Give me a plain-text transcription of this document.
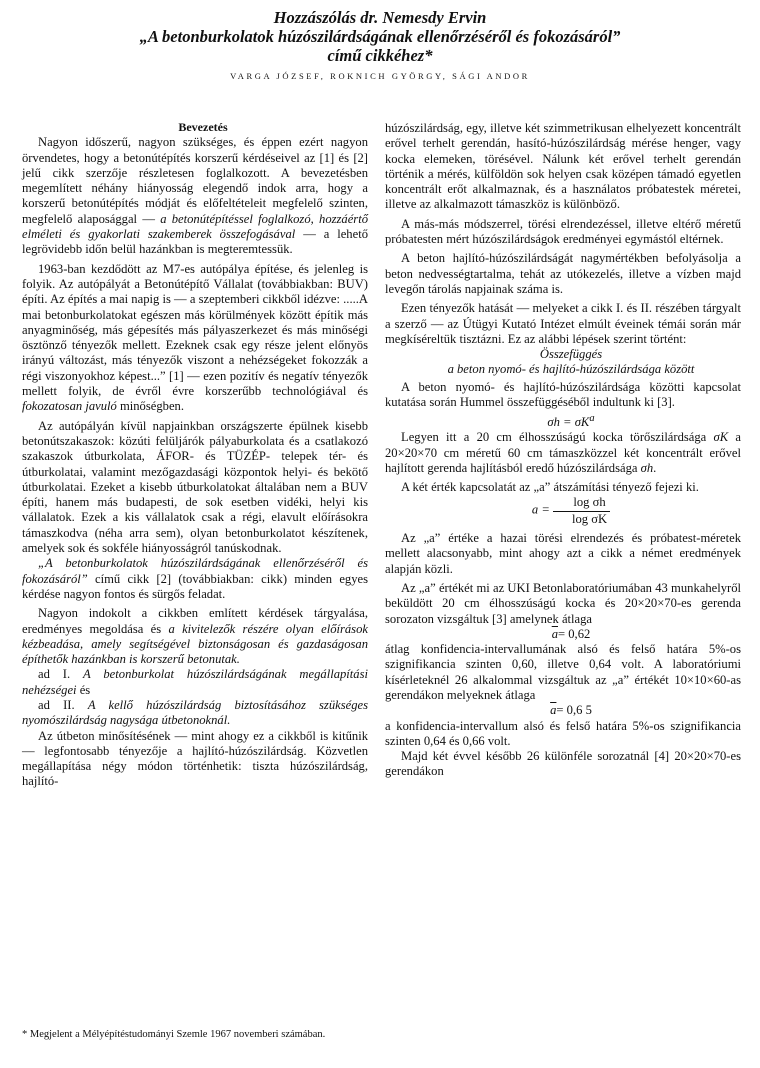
Hozzászólás dr. Nemesdy Ervin
„A betonburkolatok húzószilárdságának ellenőrzéséről és fokozásáról”
című cikkéhez*
VARGA JÓZSEF, ROKNICH GYÖRGY, SÁGI ANDOR

Bevezetés

Nagyon időszerű, nagyon szükséges, és éppen ezért nagyon örvendetes, hogy a betonútépítés korszerű kérdéseivel az [1] és [2] jelű cikk szerzője részletesen foglalkozott. A bevezetésben megemlített néhány hiányosság elegendő indok arra, hogy a korszerű betonútépítés módját és előfeltételeit megfelelő szinten, megfelelő alaposággal — a betonútépítéssel foglalkozó, hozzáértő elméleti és gyakorlati szakemberek összefogásával — a lehető legrövidebb időn belül hazánkban is megteremtessük.

1963-ban kezdődött az M7-es autópálya építése, és jelenleg is folyik. Az autópályát a Betonútépítő Vállalat (továbbiakban: BUV) építi. Az építés a mai napig is — a szeptemberi cikkből idézve: .....A mai betonburkolatokat egészen más körülmények között építik más anyagminőség, más gépesítés más pályaszerkezet és más minőségi ösztönző tényezők mellett. Ezeknek csak egy része jelent előnyös irányú változást, más tényezők viszont a nehézségeket fokozzák a régi viszonyokhoz képest...” [1] — ezen pozitív és negatív tényezők mellett folyik, de évről évre korszerűbb technológiával és fokozatosan javuló minőségben.

Az autópályán kívül napjainkban országszerte épülnek kisebb betonútszakaszok: közúti felüljárók pályaburkolata és a csatlakozó szakaszok útburkolata, ÁFOR- és TÜZÉP- telepek tér- és útburkolatai, valamint mezőgazdasági központok helyi- és bekötő útburkolatai. Ezeket a kisebb útburkolatokat általában nem a BUV építi, hanem más budapesti, de sok esetben vidéki, helyi kis vállalatok. Ezek a kis vállalatok csak a régi, elavult előírásokra támaszkodva (néha arra sem), olyan betonburkolatot készítenek, amelyek sok és sokféle hiányosságról tanúskodnak.

„A betonburkolatok húzószilárdságának ellenőrzéséről és fokozásáról” című cikk [2] (továbbiakban: cikk) minden egyes kérdése nagyon fontos és sürgős feladat.

Nagyon indokolt a cikkben említett kérdések tárgyalása, eredményes megoldása és a kivitelezők részére olyan előírások kézbeadása, amely segítségével biztonságosan és gazdaságosan építhetők hazánkban is korszerű betonutak.

ad I. A betonburkolat húzószilárdságának megállapítási nehézségei és

ad II. A kellő húzószilárdság biztosításához szükséges nyomószilárdság nagysága útbetonoknál.

Az útbeton minősítésének — mint ahogy ez a cikkből is kitűnik — legfontosabb tényezője a hajlító-húzószilárdság. Közvetlen megállapítása négy módon történhetik: tiszta húzószilárdság, hajlító-

* Megjelent a Mélyépítéstudományi Szemle 1967 novemberi számában.

húzószilárdság, egy, illetve két szimmetrikusan elhelyezett koncentrált erővel terhelt gerendán, hasító-húzószilárdság mérése henger, vagy kocka elemeken, törésével. Nálunk két erővel terhelt gerendán történik a mérés, külföldön sok helyen csak középen támadó egyetlen koncentrált erőt alkalmaznak, és a használatos próbatestek méretei, illetve az alkalmazott támaszköz is különböző.

A más-más módszerrel, törési elrendezéssel, illetve eltérő méretű próbatesten mért húzószilárdságok eredményei egymástól eltérnek.

A beton hajlító-húzószilárdságát nagymértékben befolyásolja a beton nedvességtartalma, tehát az utókezelés, illetve a vízben majd levegőn tárolás napjainak száma is.

Ezen tényezők hatását — melyeket a cikk I. és II. részében tárgyalt a szerző — az Útügyi Kutató Intézet elmúlt éveinek témái során már megkíséreltük tisztázni. Ez az alábbi lépések szerint történt:

Összefüggés

a beton nyomó- és hajlító-húzószilárdsága között

A beton nyomó- és hajlító-húzószilárdsága közötti kapcsolat kutatása során Hummel összefüggéséből indultunk ki [3].

$\sigma h = \sigma K^a$

Legyen itt a 20 cm élhosszúságú kocka törőszilárdsága σK a 20×20×70 cm méretű 60 cm támaszközzel két koncentrált erővel hajlított gerenda hajlításból eredő húzószilárdsága σh.

A két érték kapcsolatát az „a” átszámítási tényező fejezi ki.

$a = \frac{\text{log σh}}{\text{log σK}}$

Az „a” értéke a hazai törési elrendezés és próbatest-méretek mellett alacsonyabb, mint ahogy azt a cikk a német eredmények alapján közli.

Az „a” értékét mi az UKI Betonlaboratóriumában 43 munkahelyről beküldött 20 cm élhosszúságú kocka és 20×20×70-es gerenda sorozaton vizsgáltuk [3] amelynek átlaga

$\overline{a}= 0,62$

átlag konfidencia-intervallumának alsó és felső határa 5%-os szignifikancia szinten 0,60, illetve 0,64 volt. A laboratóriumi kísérleteknél 26 alkalommal vizsgáltuk az „a” értékét 10×10×60-as gerendákon melyeknek átlaga

$\overline{a}= 0,6$ 5

a konfidencia-intervallum alsó és felső határa 5%-os szignifikancia szinten 0,64 és 0,66 volt.

Majd két évvel később 26 különféle sorozatnál [4] 20×20×70-es gerendákon
